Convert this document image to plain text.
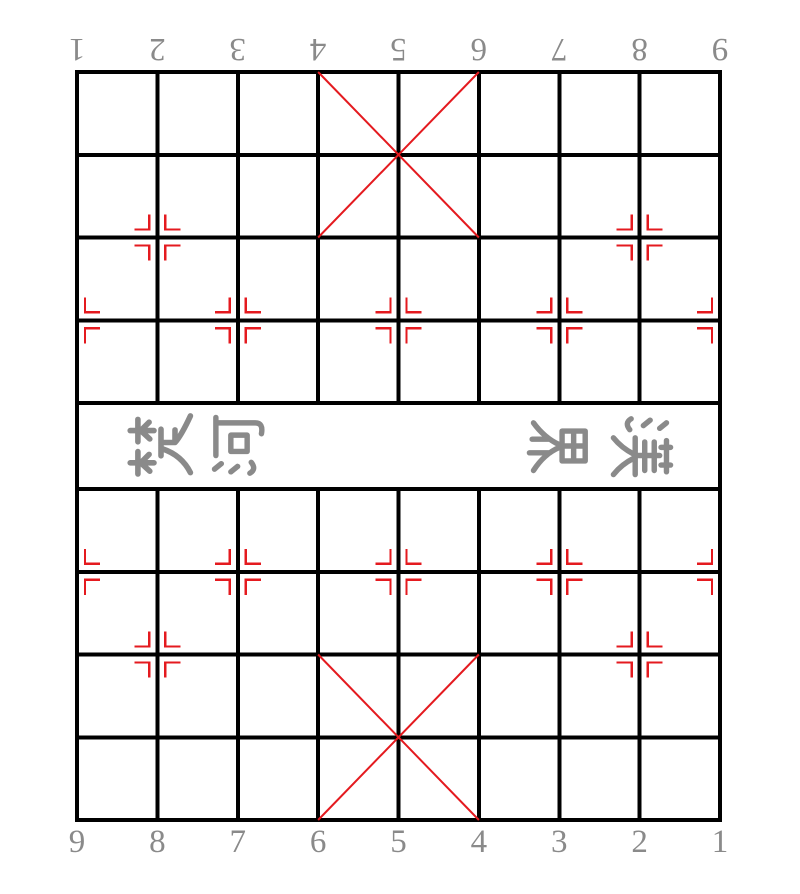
1 2 3 4 5 6 7 8 9
9 8 7 6 5 4 3 2 1
